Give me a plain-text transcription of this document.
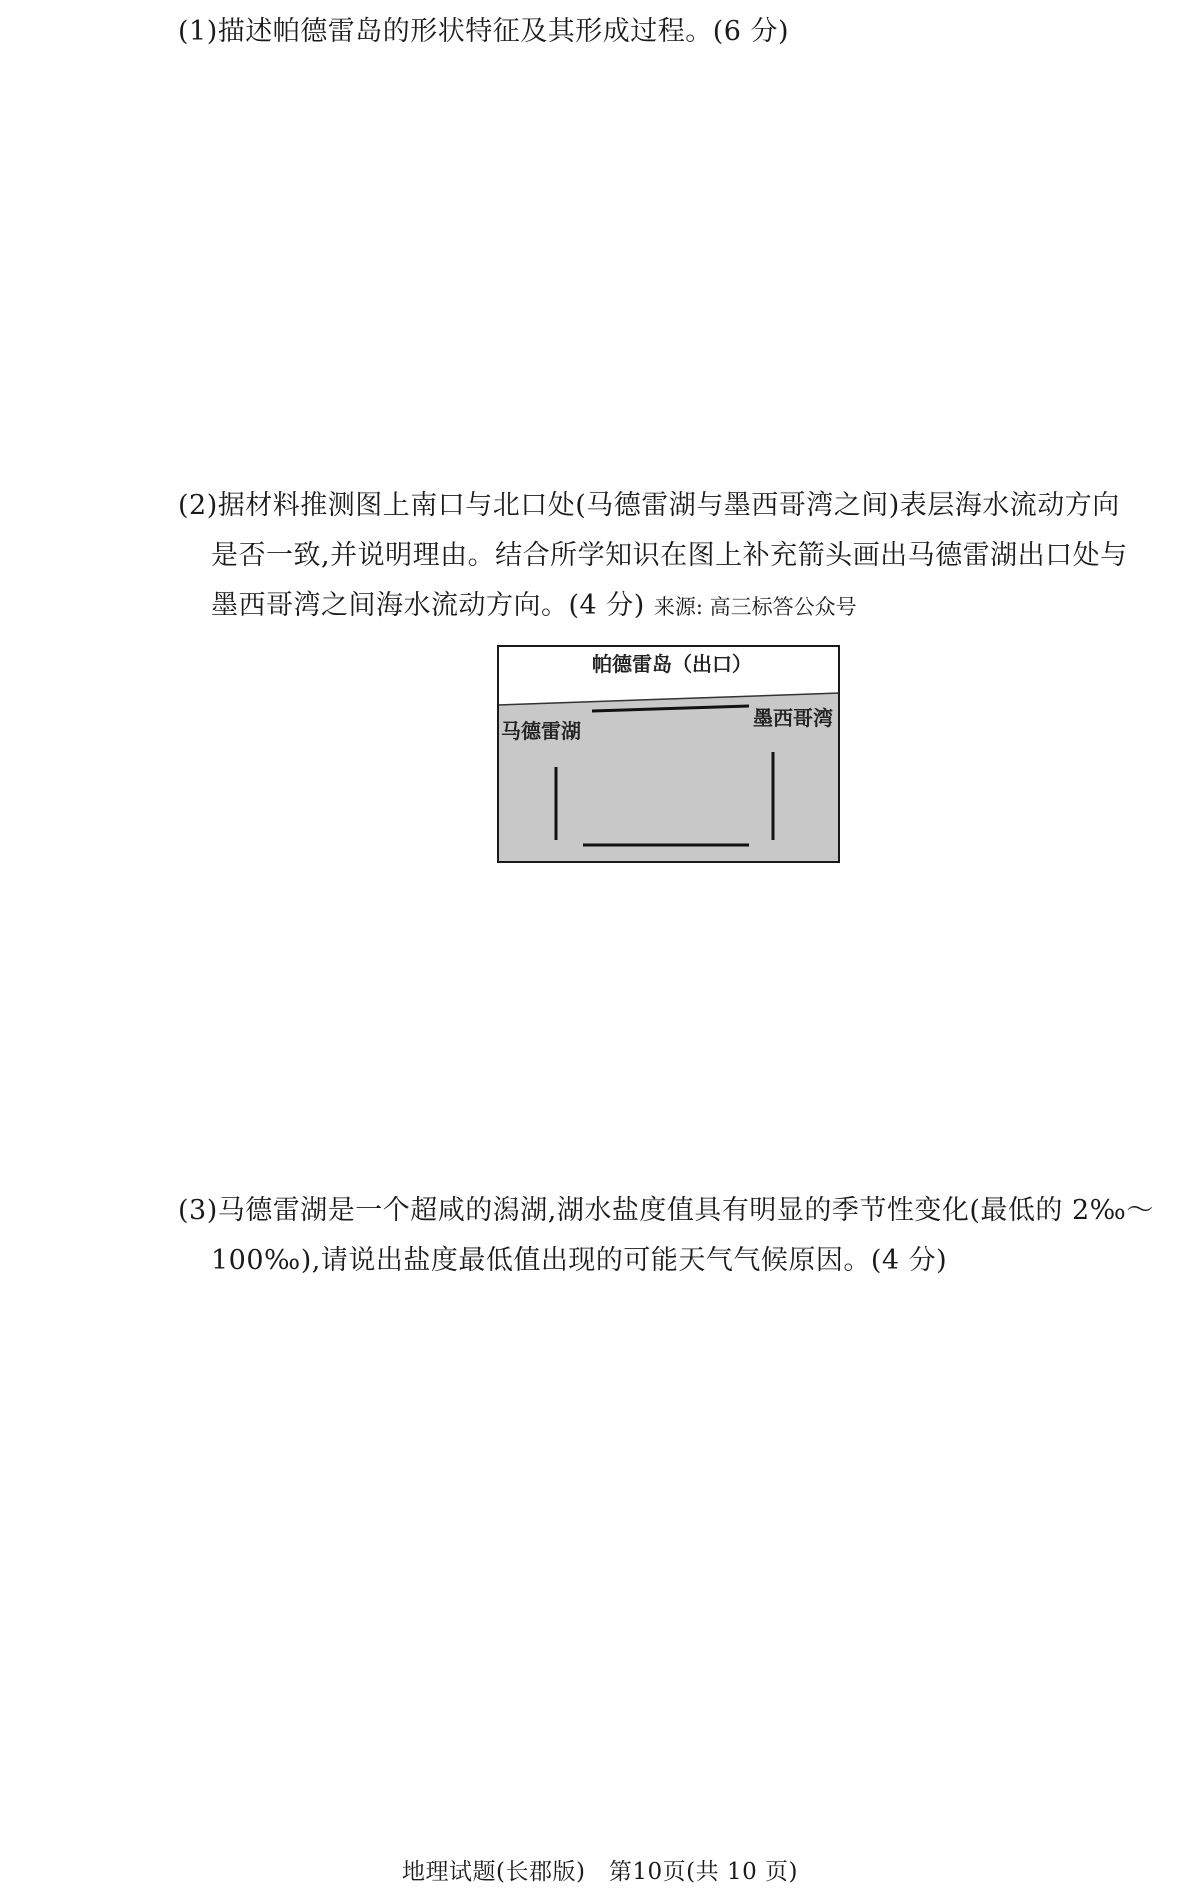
(1)描述帕德雷岛的形状特征及其形成过程。(6 分)
(2)据材料推测图上南口与北口处(马德雷湖与墨西哥湾之间)表层海水流动方向
是否一致,并说明理由。结合所学知识在图上补充箭头画出马德雷湖出口处与
墨西哥湾之间海水流动方向。(4 分) 来源: 高三标答公众号
帕德雷岛（出口）
马德雷湖
墨西哥湾
(3)马德雷湖是一个超咸的潟湖,湖水盐度值具有明显的季节性变化(最低的 2‰～
100‰),请说出盐度最低值出现的可能天气气候原因。(4 分)
地理试题(长郡版)　第10页(共 10 页)
